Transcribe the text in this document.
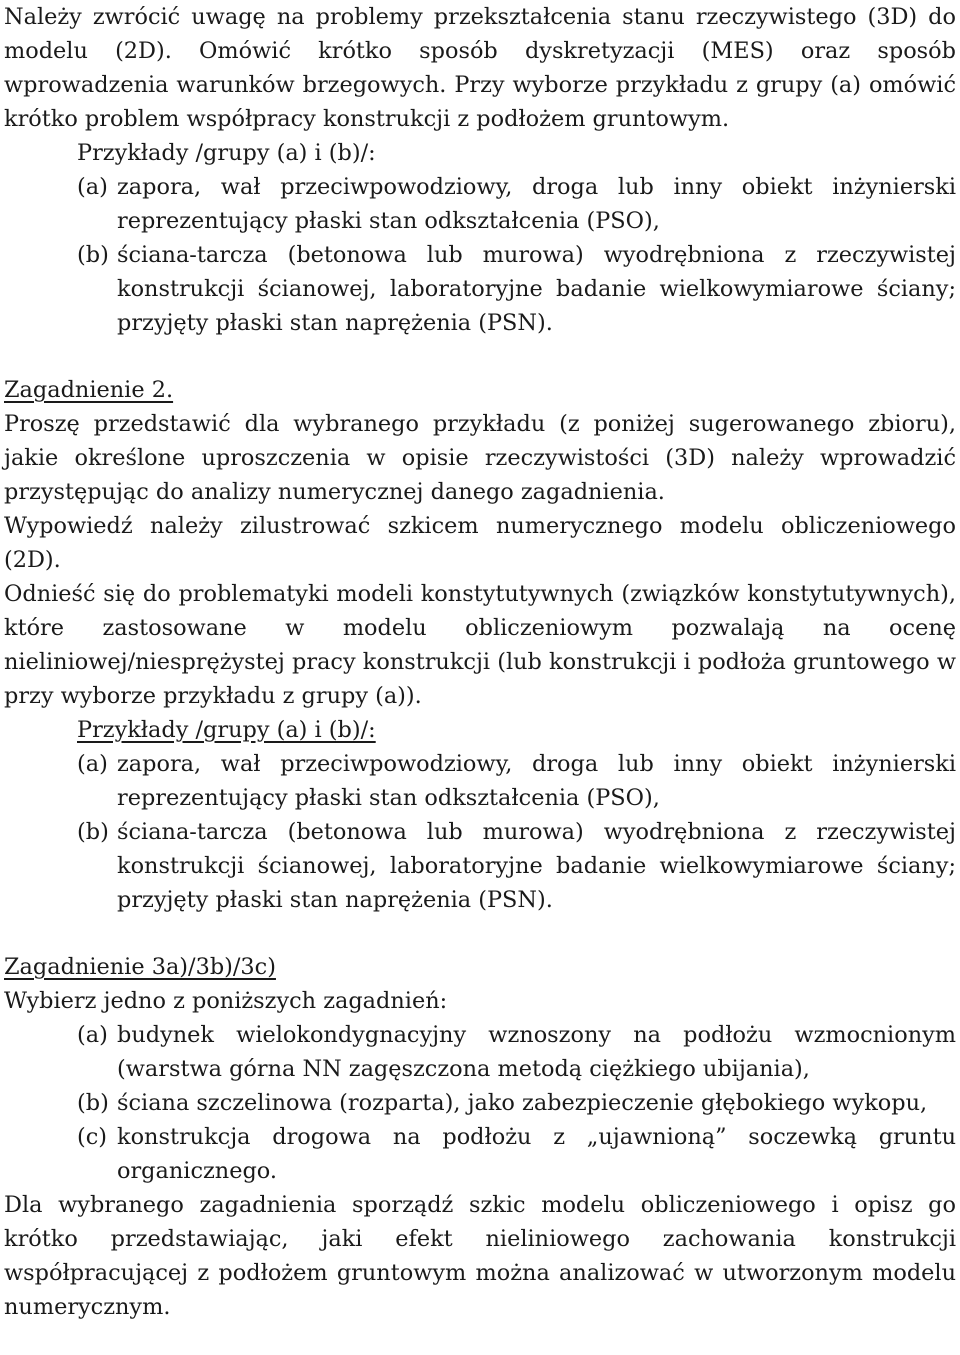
Należy zwrócić uwagę na problemy przekształcenia stanu rzeczywistego (3D) do modelu (2D). Omówić krótko sposób dyskretyzacji (MES) oraz sposób wprowadzenia warunków brzegowych. Przy wyborze przykładu z grupy (a) omówić krótko problem współpracy konstrukcji z podłożem gruntowym.

Przykłady /grupy (a) i (b)/:

(a) zapora, wał przeciwpowodziowy, droga lub inny obiekt inżynierski reprezentujący płaski stan odkształcenia (PSO),
(b) ściana-tarcza (betonowa lub murowa) wyodrębniona z rzeczywistej konstrukcji ścianowej, laboratoryjne badanie wielkowymiarowe ściany; przyjęty płaski stan naprężenia (PSN).

Zagadnienie 2.

Proszę przedstawić dla wybranego przykładu (z poniżej sugerowanego zbioru), jakie określone uproszczenia w opisie rzeczywistości (3D) należy wprowadzić przystępując do analizy numerycznej danego zagadnienia.

Wypowiedź należy zilustrować szkicem numerycznego modelu obliczeniowego (2D).

Odnieść się do problematyki modeli konstytutywnych (związków konstytutywnych), które zastosowane w modelu obliczeniowym pozwalają na ocenę nieliniowej/niesprężystej pracy konstrukcji (lub konstrukcji i podłoża gruntowego w przy wyborze przykładu z grupy (a)).

Przykłady /grupy (a) i (b)/:

(a) zapora, wał przeciwpowodziowy, droga lub inny obiekt inżynierski reprezentujący płaski stan odkształcenia (PSO),
(b) ściana-tarcza (betonowa lub murowa) wyodrębniona z rzeczywistej konstrukcji ścianowej, laboratoryjne badanie wielkowymiarowe ściany; przyjęty płaski stan naprężenia (PSN).

Zagadnienie 3a)/3b)/3c)

Wybierz jedno z poniższych zagadnień:

(a) budynek wielokondygnacyjny wznoszony na podłożu wzmocnionym (warstwa górna NN zagęszczona metodą ciężkiego ubijania),
(b) ściana szczelinowa (rozparta), jako zabezpieczenie głębokiego wykopu,
(c) konstrukcja drogowa na podłożu z „ujawnioną” soczewką gruntu organicznego.

Dla wybranego zagadnienia sporządź szkic modelu obliczeniowego i opisz go krótko przedstawiając, jaki efekt nieliniowego zachowania konstrukcji współpracującej z podłożem gruntowym można analizować w utworzonym modelu numerycznym.
